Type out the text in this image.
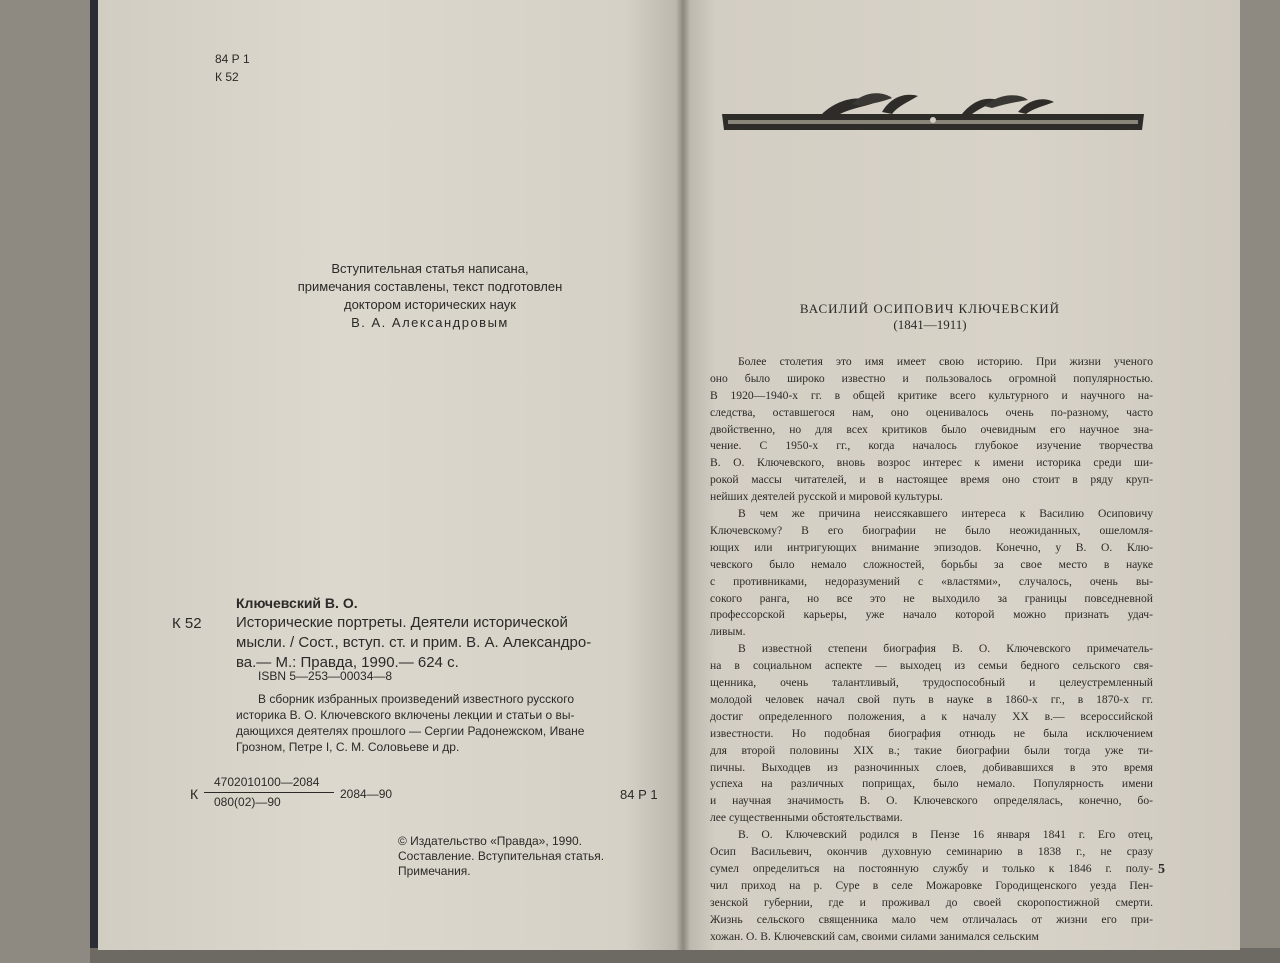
84 Р 1
К 52
Вступительная статья написана,
примечания составлены, текст подготовлен
доктором исторических наук
В. А. Александровым
Ключевский В. О.
К 52 Исторические портреты. Деятели исторической
мысли. / Сост., вступ. ст. и прим. В. А. Александро-
ва.— М.: Правда, 1990.— 624 с.
ISBN 5—253—00034—8
В сборник избранных произведений известного русского
историка В. О. Ключевского включены лекции и статьи о вы-
дающихся деятелях прошлого — Сергии Радонежском, Иване
Грозном, Петре I, С. М. Соловьеве и др.
К
4702010100—2084
080(02)—90
2084—90	84 Р 1
© Издательство «Правда», 1990.
Составление. Вступительная статья.
Примечания.
ВАСИЛИЙ ОСИПОВИЧ КЛЮЧЕВСКИЙ
(1841—1911)
Более столетия это имя имеет свою историю. При жизни ученого
оно было широко известно и пользовалось огромной популярностью.
В 1920—1940-х гг. в общей критике всего культурного и научного на-
следства, оставшегося нам, оно оценивалось очень по-разному, часто
двойственно, но для всех критиков было очевидным его научное зна-
чение. С 1950-х гг., когда началось глубокое изучение творчества
В. О. Ключевского, вновь возрос интерес к имени историка среди ши-
рокой массы читателей, и в настоящее время оно стоит в ряду круп-
нейших деятелей русской и мировой культуры.
В чем же причина неиссякавшего интереса к Василию Осиповичу
Ключевскому? В его биографии не было неожиданных, ошеломля-
ющих или интригующих внимание эпизодов. Конечно, у В. О. Клю-
чевского было немало сложностей, борьбы за свое место в науке
с противниками, недоразумений с «властями», случалось, очень вы-
сокого ранга, но все это не выходило за границы повседневной
профессорской карьеры, уже начало которой можно признать удач-
ливым.
В известной степени биография В. О. Ключевского примечатель-
на в социальном аспекте — выходец из семьи бедного сельского свя-
щенника, очень талантливый, трудоспособный и целеустремленный
молодой человек начал свой путь в науке в 1860-х гг., в 1870-х гг.
достиг определенного положения, а к началу XX в.— всероссийской
известности. Но подобная биография отнюдь не была исключением
для второй половины XIX в.; такие биографии были тогда уже ти-
пичны. Выходцев из разночинных слоев, добивавшихся в это время
успеха на различных поприщах, было немало. Популярность имени
и научная значимость В. О. Ключевского определялась, конечно, бо-
лее существенными обстоятельствами.
В. О. Ключевский родился в Пензе 16 января 1841 г. Его отец,
Осип Васильевич, окончив духовную семинарию в 1838 г., не сразу
сумел определиться на постоянную службу и только к 1846 г. полу-
чил приход на р. Суре в селе Можаровке Городищенского уезда Пен-
зенской губернии, где и проживал до своей скоропостижной смерти.
Жизнь сельского священника мало чем отличалась от жизни его при-
хожан. О. В. Ключевский сам, своими силами занимался сельским
5
